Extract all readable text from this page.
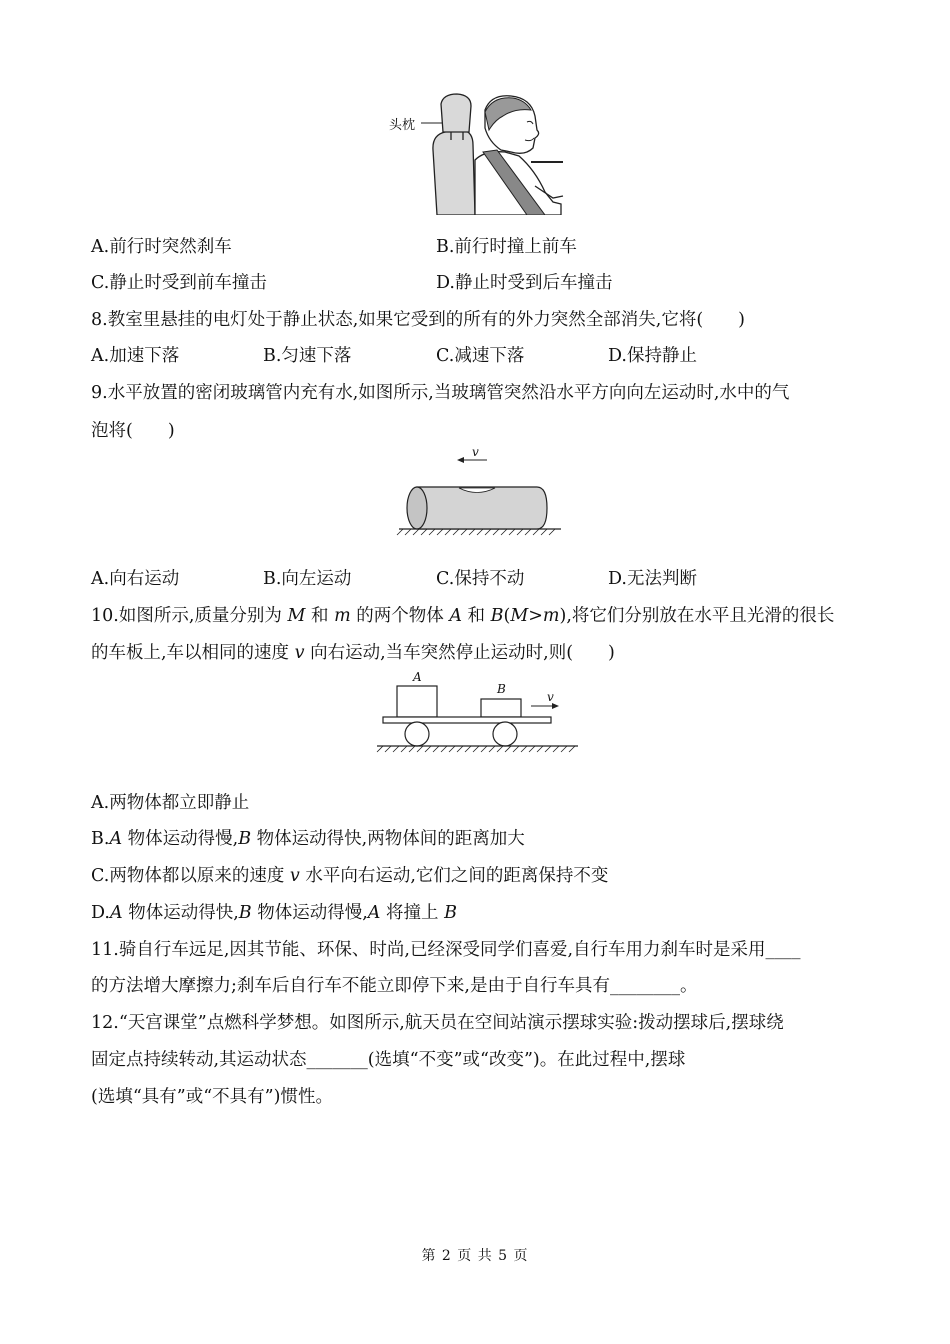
头枕
A.前行时突然刹车	B.前行时撞上前车
C.静止时受到前车撞击	D.静止时受到后车撞击
8.教室里悬挂的电灯处于静止状态,如果它受到的所有的外力突然全部消失,它将(　　)
A.加速下落	B.匀速下落	C.减速下落	D.保持静止
9.水平放置的密闭玻璃管内充有水,如图所示,当玻璃管突然沿水平方向向左运动时,水中的气
泡将(　　)
v
A.向右运动	B.向左运动	C.保持不动	D.无法判断
10.如图所示,质量分别为 M 和 m 的两个物体 A 和 B(M>m),将它们分别放在水平且光滑的很长
的车板上,车以相同的速度 v 向右运动,当车突然停止运动时,则(　　)
A
B
v
A.两物体都立即静止
B.A 物体运动得慢,B 物体运动得快,两物体间的距离加大
C.两物体都以原来的速度 v 水平向右运动,它们之间的距离保持不变
D.A 物体运动得快,B 物体运动得慢,A 将撞上 B
11.骑自行车远足,因其节能、环保、时尚,已经深受同学们喜爱,自行车用力刹车时是采用____
的方法增大摩擦力;刹车后自行车不能立即停下来,是由于自行车具有________。
12.“天宫课堂”点燃科学梦想。如图所示,航天员在空间站演示摆球实验:拨动摆球后,摆球绕
固定点持续转动,其运动状态_______(选填“不变”或“改变”)。在此过程中,摆球
(选填“具有”或“不具有”)惯性。
第 2 页 共 5 页
